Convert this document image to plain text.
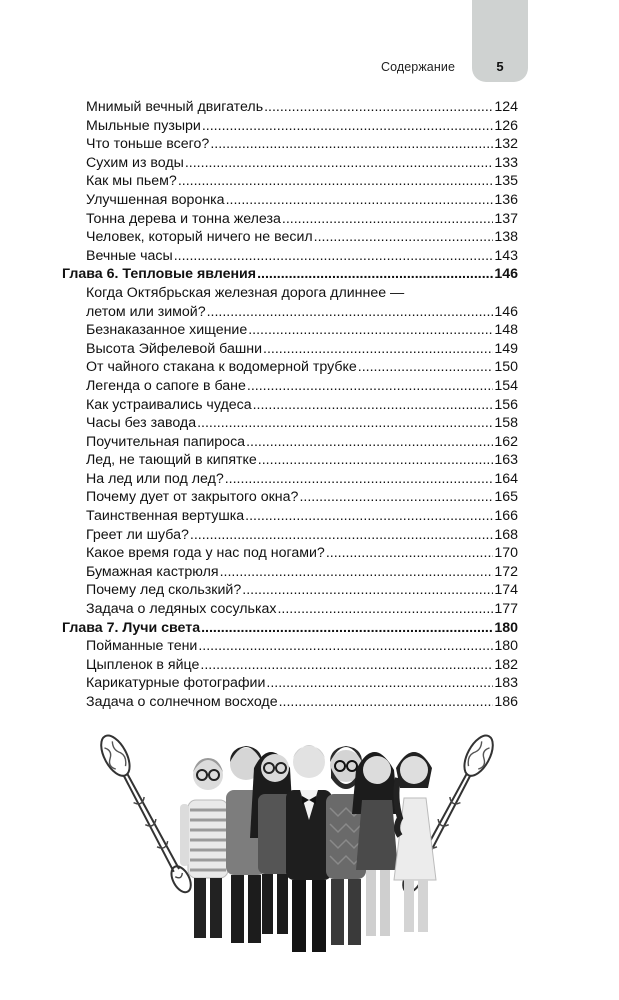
5
Содержание
Мнимый вечный двигатель .....	124
Мыльные пузыри .....	126
Что тоньше всего? .....	132
Сухим из воды .....	133
Как мы пьем? .....	135
Улучшенная воронка .....	136
Тонна дерева и тонна железа .....	137
Человек, который ничего не весил .....	138
Вечные часы .....	143
Глава 6. Тепловые явления .....	146
Когда Октябрьская железная дорога длиннее —
летом или зимой? .....	146
Безнаказанное хищение .....	148
Высота Эйфелевой башни .....	149
От чайного стакана к водомерной трубке .....	150
Легенда о сапоге в бане .....	154
Как устраивались чудеса .....	156
Часы без завода .....	158
Поучительная папироса .....	162
Лед, не тающий в кипятке .....	163
На лед или под лед? .....	164
Почему дует от закрытого окна? .....	165
Таинственная вертушка .....	166
Греет ли шуба? .....	168
Какое время года у нас под ногами? .....	170
Бумажная кастрюля .....	172
Почему лед скользкий? .....	174
Задача о ледяных сосульках .....	177
Глава 7. Лучи света .....	180
Пойманные тени .....	180
Цыпленок в яйце .....	182
Карикатурные фотографии .....	183
Задача о солнечном восходе .....	186
